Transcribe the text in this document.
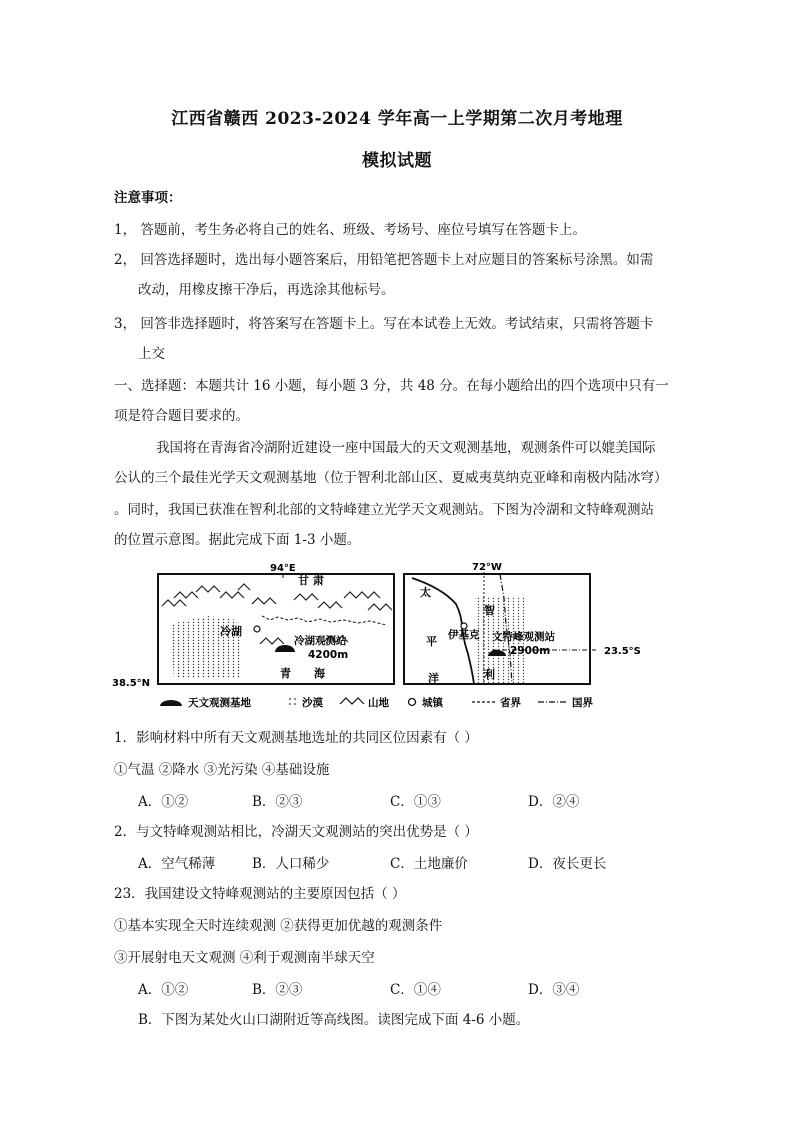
江西省赣西 2023-2024 学年高一上学期第二次月考地理
模拟试题
注意事项：
1， 答题前，考生务必将自己的姓名、班级、考场号、座位号填写在答题卡上。
2， 回答选择题时，选出每小题答案后，用铅笔把答题卡上对应题目的答案标号涂黑。如需
改动，用橡皮擦干净后，再选涂其他标号。
3， 回答非选择题时，将答案写在答题卡上。写在本试卷上无效。考试结束，只需将答题卡
上交
一、选择题：本题共计 16 小题，每小题 3 分，共 48 分。在每小题给出的四个选项中只有一
项是符合题目要求的。
我国将在青海省冷湖附近建设一座中国最大的天文观测基地，观测条件可以媲美国际
公认的三个最佳光学天文观测基地（位于智利北部山区、夏威夷莫纳克亚峰和南极内陆冰穹）
。同时，我国已获准在智利北部的文特峰建立光学天文观测站。下图为冷湖和文特峰观测站
的位置示意图。据此完成下面 1-3 小题。
94°E
38.5°N
甘 肃
冷湖
冷湖观测站
4200m
青 海
72°W
23.5°S
太
平
洋
智
利
伊基克 文特峰观测站
2900m
天文观测基地	沙漠	山地	城镇	省界	国界
1．影响材料中所有天文观测基地选址的共同区位因素有（ ）
①气温 ②降水 ③光污染 ④基础设施
A．①②	B．②③	C．①③	D．②④
2．与文特峰观测站相比，冷湖天文观测站的突出优势是（ ）
A．空气稀薄	B．人口稀少	C．土地廉价	D．夜长更长
23．我国建设文特峰观测站的主要原因包括（ ）
①基本实现全天时连续观测 ②获得更加优越的观测条件
③开展射电天文观测 ④利于观测南半球天空
A．①②	B．②③	C．①④	D．③④
B．下图为某处火山口湖附近等高线图。读图完成下面 4-6 小题。
